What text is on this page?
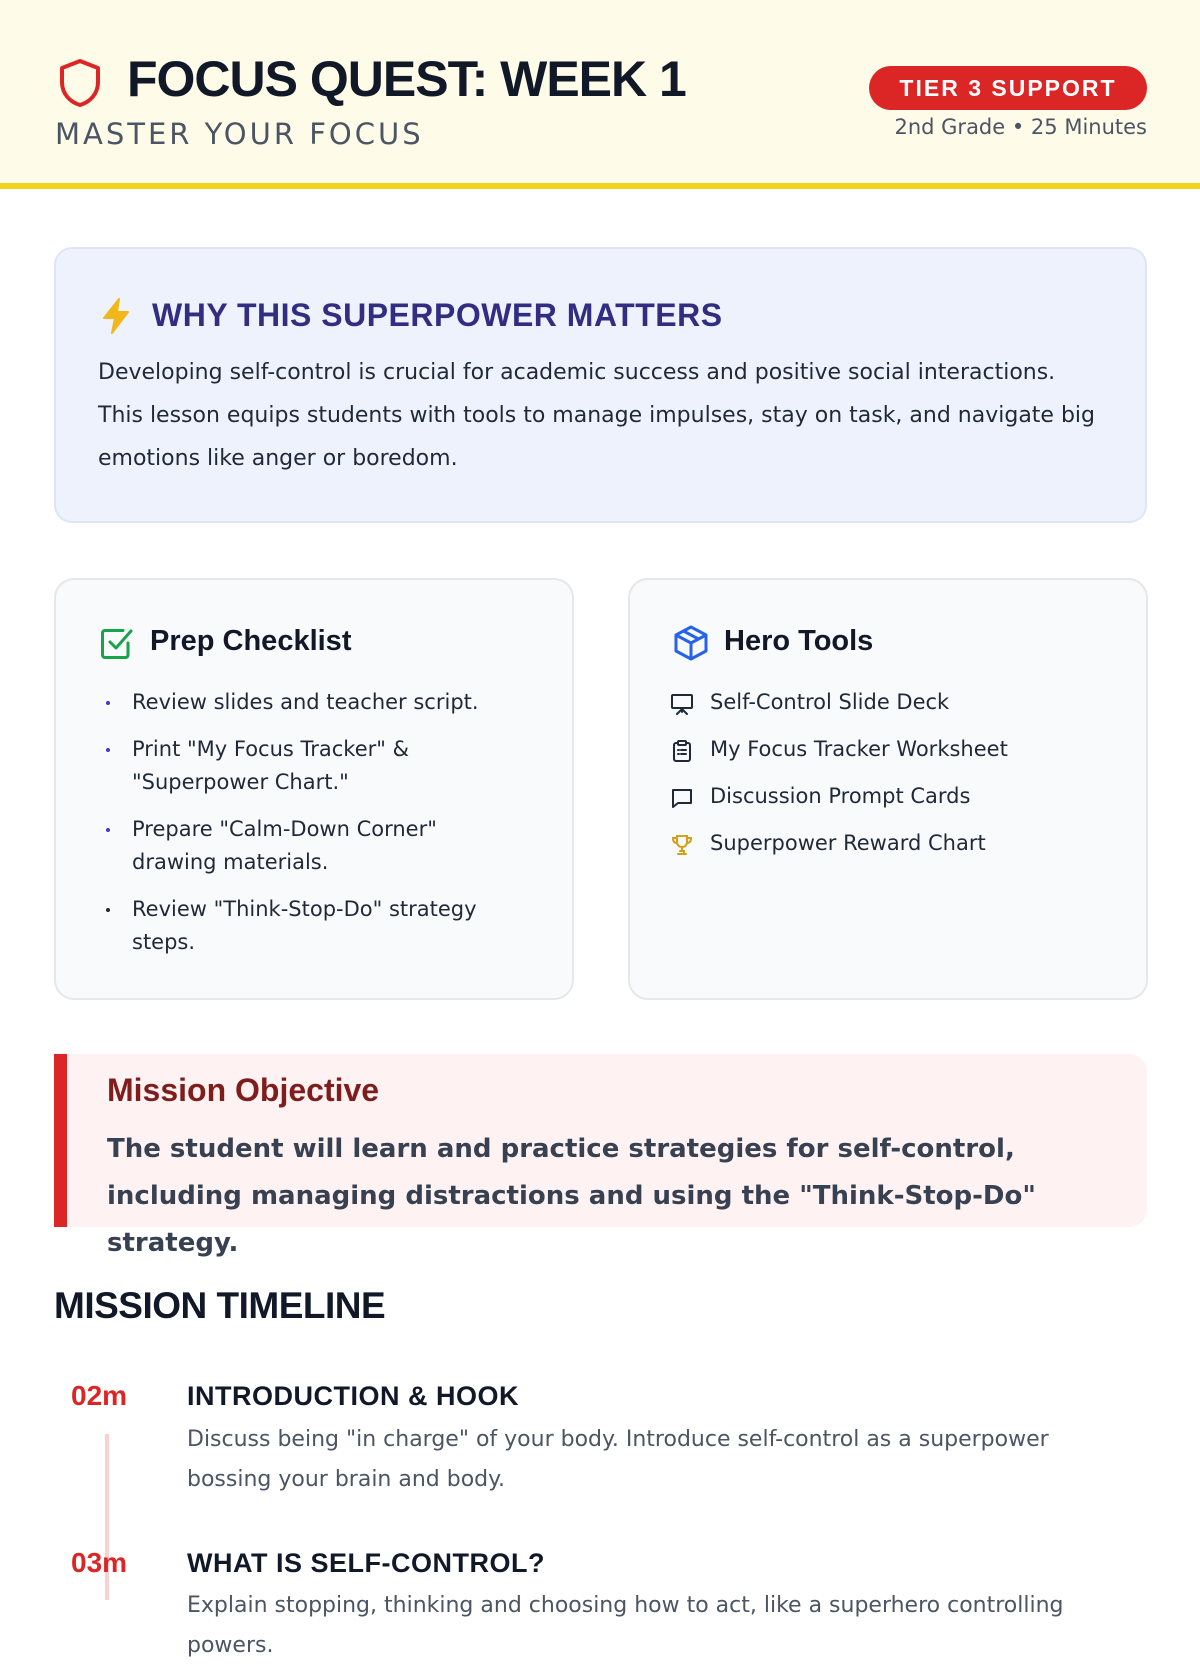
FOCUS QUEST: WEEK 1
MASTER YOUR FOCUS
TIER 3 SUPPORT
2nd Grade • 25 Minutes
WHY THIS SUPERPOWER MATTERS
Developing self-control is crucial for academic success and positive social interactions. This lesson equips students with tools to manage impulses, stay on task, and navigate big emotions like anger or boredom.
Prep Checklist
Review slides and teacher script.
Print "My Focus Tracker" & "Superpower Chart."
Prepare "Calm-Down Corner" drawing materials.
Review "Think-Stop-Do" strategy steps.
Hero Tools
Self-Control Slide Deck
My Focus Tracker Worksheet
Discussion Prompt Cards
Superpower Reward Chart
Mission Objective
The student will learn and practice strategies for self-control, including managing distractions and using the "Think-Stop-Do" strategy.
MISSION TIMELINE
02m INTRODUCTION & HOOK
Discuss being "in charge" of your body. Introduce self-control as a superpower bossing your brain and body.
03m WHAT IS SELF-CONTROL?
Explain stopping, thinking and choosing how to act, like a superhero controlling powers.
